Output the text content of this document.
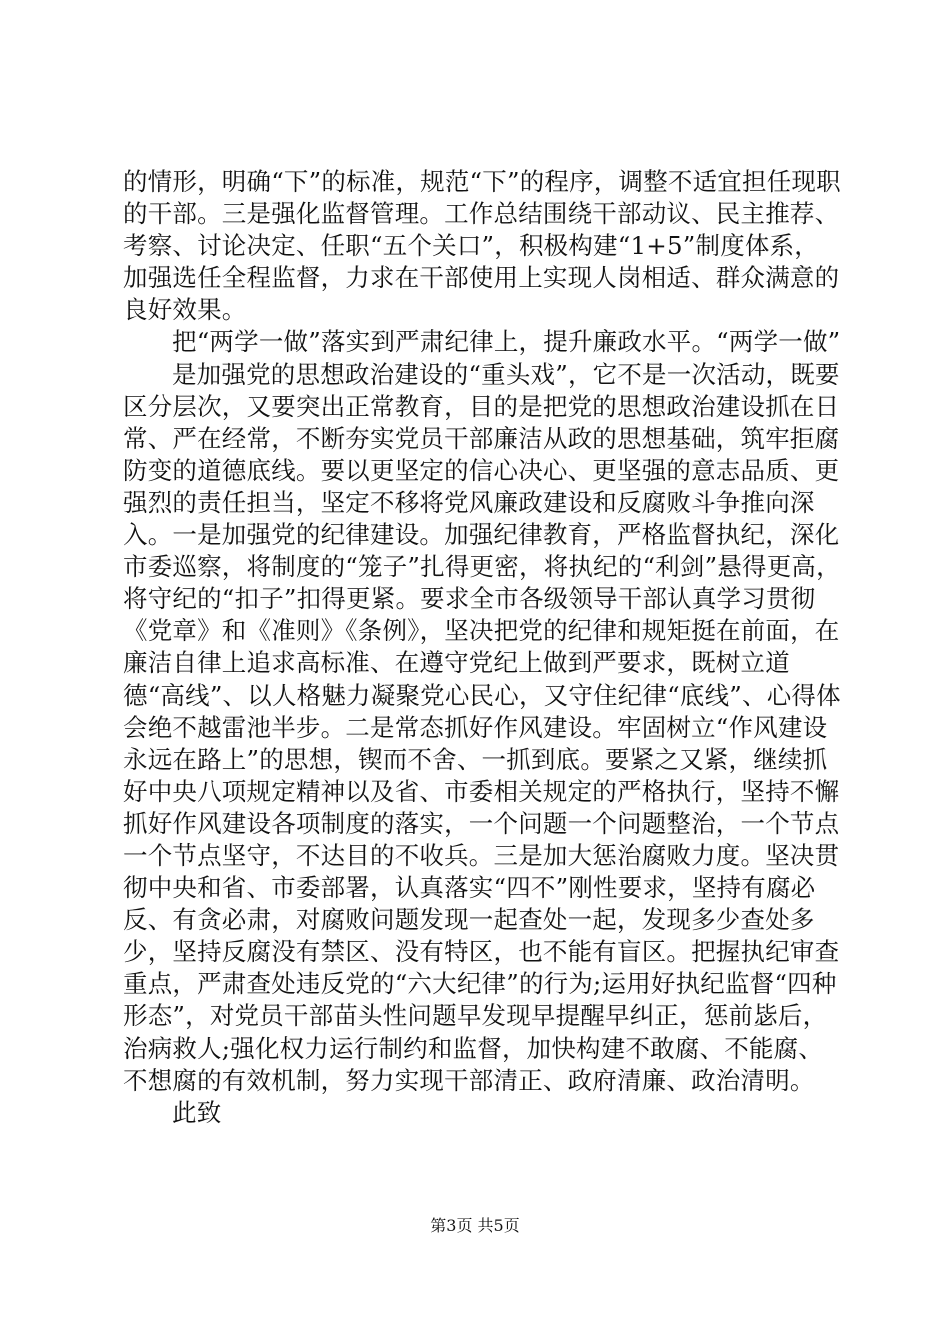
的情形，明确“下”的标准，规范“下”的程序，调整不适宜担任现职的干部。三是强化监督管理。工作总结围绕干部动议、民主推荐、考察、讨论决定、任职“五个关口”，积极构建“1+5”制度体系，加强选任全程监督，力求在干部使用上实现人岗相适、群众满意的良好效果。

把“两学一做”落实到严肃纪律上，提升廉政水平。“两学一做”

是加强党的思想政治建设的“重头戏”，它不是一次活动，既要区分层次，又要突出正常教育，目的是把党的思想政治建设抓在日常、严在经常，不断夯实党员干部廉洁从政的思想基础，筑牢拒腐防变的道德底线。要以更坚定的信心决心、更坚强的意志品质、更强烈的责任担当，坚定不移将党风廉政建设和反腐败斗争推向深入。一是加强党的纪律建设。加强纪律教育，严格监督执纪，深化市委巡察，将制度的“笼子”扎得更密，将执纪的“利剑”悬得更高，将守纪的“扣子”扣得更紧。要求全市各级领导干部认真学习贯彻《党章》和《准则》《条例》，坚决把党的纪律和规矩挺在前面，在廉洁自律上追求高标准、在遵守党纪上做到严要求，既树立道德“高线”、以人格魅力凝聚党心民心，又守住纪律“底线”、心得体会绝不越雷池半步。二是常态抓好作风建设。牢固树立“作风建设永远在路上”的思想，锲而不舍、一抓到底。要紧之又紧，继续抓好中央八项规定精神以及省、市委相关规定的严格执行，坚持不懈抓好作风建设各项制度的落实，一个问题一个问题整治，一个节点一个节点坚守，不达目的不收兵。三是加大惩治腐败力度。坚决贯彻中央和省、市委部署，认真落实“四不”刚性要求，坚持有腐必反、有贪必肃，对腐败问题发现一起查处一起，发现多少查处多少，坚持反腐没有禁区、没有特区，也不能有盲区。把握执纪审查重点，严肃查处违反党的“六大纪律”的行为;运用好执纪监督“四种形态”，对党员干部苗头性问题早发现早提醒早纠正，惩前毖后，治病救人;强化权力运行制约和监督，加快构建不敢腐、不能腐、不想腐的有效机制，努力实现干部清正、政府清廉、政治清明。

此致

第3页 共5页
